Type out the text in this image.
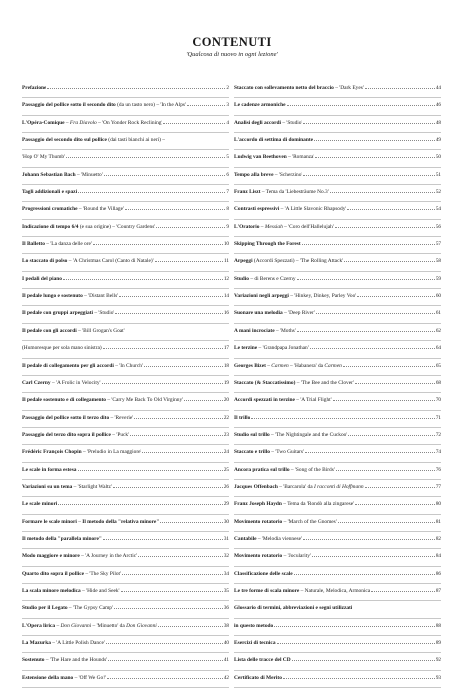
CONTENUTI
'Qualcosa di nuovo in ogni lezione'
Prefazione	2
Passaggio del pollice sotto il secondo dito (da un tasto nero) – 'In the Alps'	3
L'Opéra-Comique – Fra Diavolo – 'On Yonder Rock Reclining'	4
Passaggio del secondo dito sul pollice (dai tasti bianchi ai neri) –
'Hop O' My Thumb'	5
Johann Sebastian Bach – 'Minuetto'	6
Tagli addizionali e spazi	7
Progressioni cromatiche – 'Round the Village'	8
Indicazione di tempo 6/4 (e sua origine) – 'Country Gardens'	9
Il Balletto – 'La danza delle ore'	10
Lo staccato di polso – 'A Christmas Carol (Canto di Natale)'	11
I pedali del piano	12
Il pedale lungo e sostenuto – 'Distant Bells'	14
Il pedale con gruppi arpeggiati – 'Studio'	16
Il pedale con gli accordi – 'Bill Grogan's Goat'
(Humoresque per sola mano sinistra)	17
Il pedale di collegamento per gli accordi – 'In Church'	18
Carl Czerny – 'A Frolic in Velocity'	19
Il pedale sostenuto e di collegamento – 'Carry Me Back To Old Virginny'	20
Passaggio del pollice sotto il terzo dito – 'Reverie'	22
Passaggio del terzo dito sopra il pollice – 'Puck'	23
Frédéric François Chopin – 'Preludio in La maggiore'	24
Le scale in forma estesa	25
Variazioni su un tema – 'Starlight Waltz'	26
Le scale minori	29
Formare le scale minori – Il metodo della "relativa minore"	30
Il metodo della "parallela minore"	31
Modo maggiore e minore – 'A Journey in the Arctic'	32
Quarto dito sopra il pollice – 'The Sky Pilot'	34
La scala minore melodica – 'Hide and Seek'	35
Studio per il Legato – 'The Gypsy Camp'	36
L'Opera lirica – Don Giovanni – 'Minuetto' da Don Giovanni	38
La Mazurka – 'A Little Polish Dance'	40
Sostenuto – 'The Hare and the Hounds'	41
Estensione della mano – 'Off We Go!'	42
Staccato con sollevamento netto del braccio – 'Dark Eyes'	44
Le cadenze armoniche	46
Analisi degli accordi – 'Studio'	48
L'accordo di settima di dominante	49
Ludwig van Beethoven – 'Romanza'	50
Tempo alla breve – 'Scherzino'	51
Franz Liszt – Tema da 'Liebesträume No.3'	52
Contrasti espressivi – 'A Little Slavonic Rhapsody'	54
L'Oratorio – Messiah – 'Coro dell'Hallelujah'	56
Skipping Through the Forest	57
Arpeggi (Accordi Spezzati) – 'The Rolling Attack'	58
Studio – di Berens e Czerny	59
Variazioni negli arpeggi – 'Hinkey, Dinkey, Parley Voo'	60
Suonare una melodia – 'Deep River'	61
A mani incrociate – 'Moths'	62
Le terzine – 'Grandpapa Jonathan'	64
Georges Bizet – Carmen – 'Habanera' da Carmen	65
Staccato (& Staccatissimo) – 'The Bee and the Clover'	68
Accordi spezzati in terzine – 'A Trial Flight'	70
Il trillo	71
Studio sul trillo – 'The Nightingale and the Cuckoo'	72
Staccato e trillo – 'Two Guitars'	74
Ancora pratica sul trillo – 'Song of the Birds'	76
Jacques Offenbach – 'Barcarola' da I racconti di Hoffmann	77
Franz Joseph Haydn – Tema da 'Rondò alla zingarese'	80
Movimento rotatorio – 'March of the Gnomes'	81
Cantabile – 'Melodia viennese'	82
Movimento rotatorio – 'Jocularity'	84
Classificazione delle scale	86
Le tre forme di scala minore – Naturale, Melodica, Armonica	87
Glossario di termini, abbreviazioni e segni utilizzati
in questo metodo	88
Esercizi di tecnica	89
Lista delle tracce del CD	92
Certificato di Merito	93
